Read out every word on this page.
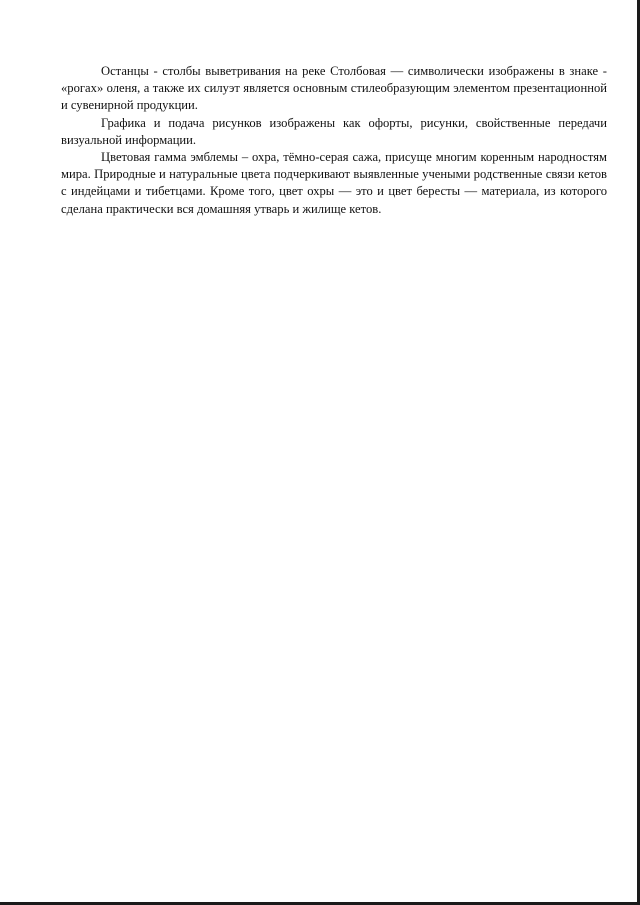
Останцы - столбы выветривания на реке Столбовая — символически изображены в знаке - «рогах» оленя, а также их силуэт является основным стилеобразующим элементом презентационной и сувенирной продукции.

Графика и подача рисунков изображены как офорты, рисунки, свойственные передачи визуальной информации.

Цветовая гамма эмблемы – охра, тёмно-серая сажа, присуще многим коренным народностям мира. Природные и натуральные цвета подчеркивают выявленные учеными родственные связи кетов с индейцами и тибетцами. Кроме того, цвет охры — это и цвет бересты — материала, из которого сделана практически вся домашняя утварь и жилище кетов.
